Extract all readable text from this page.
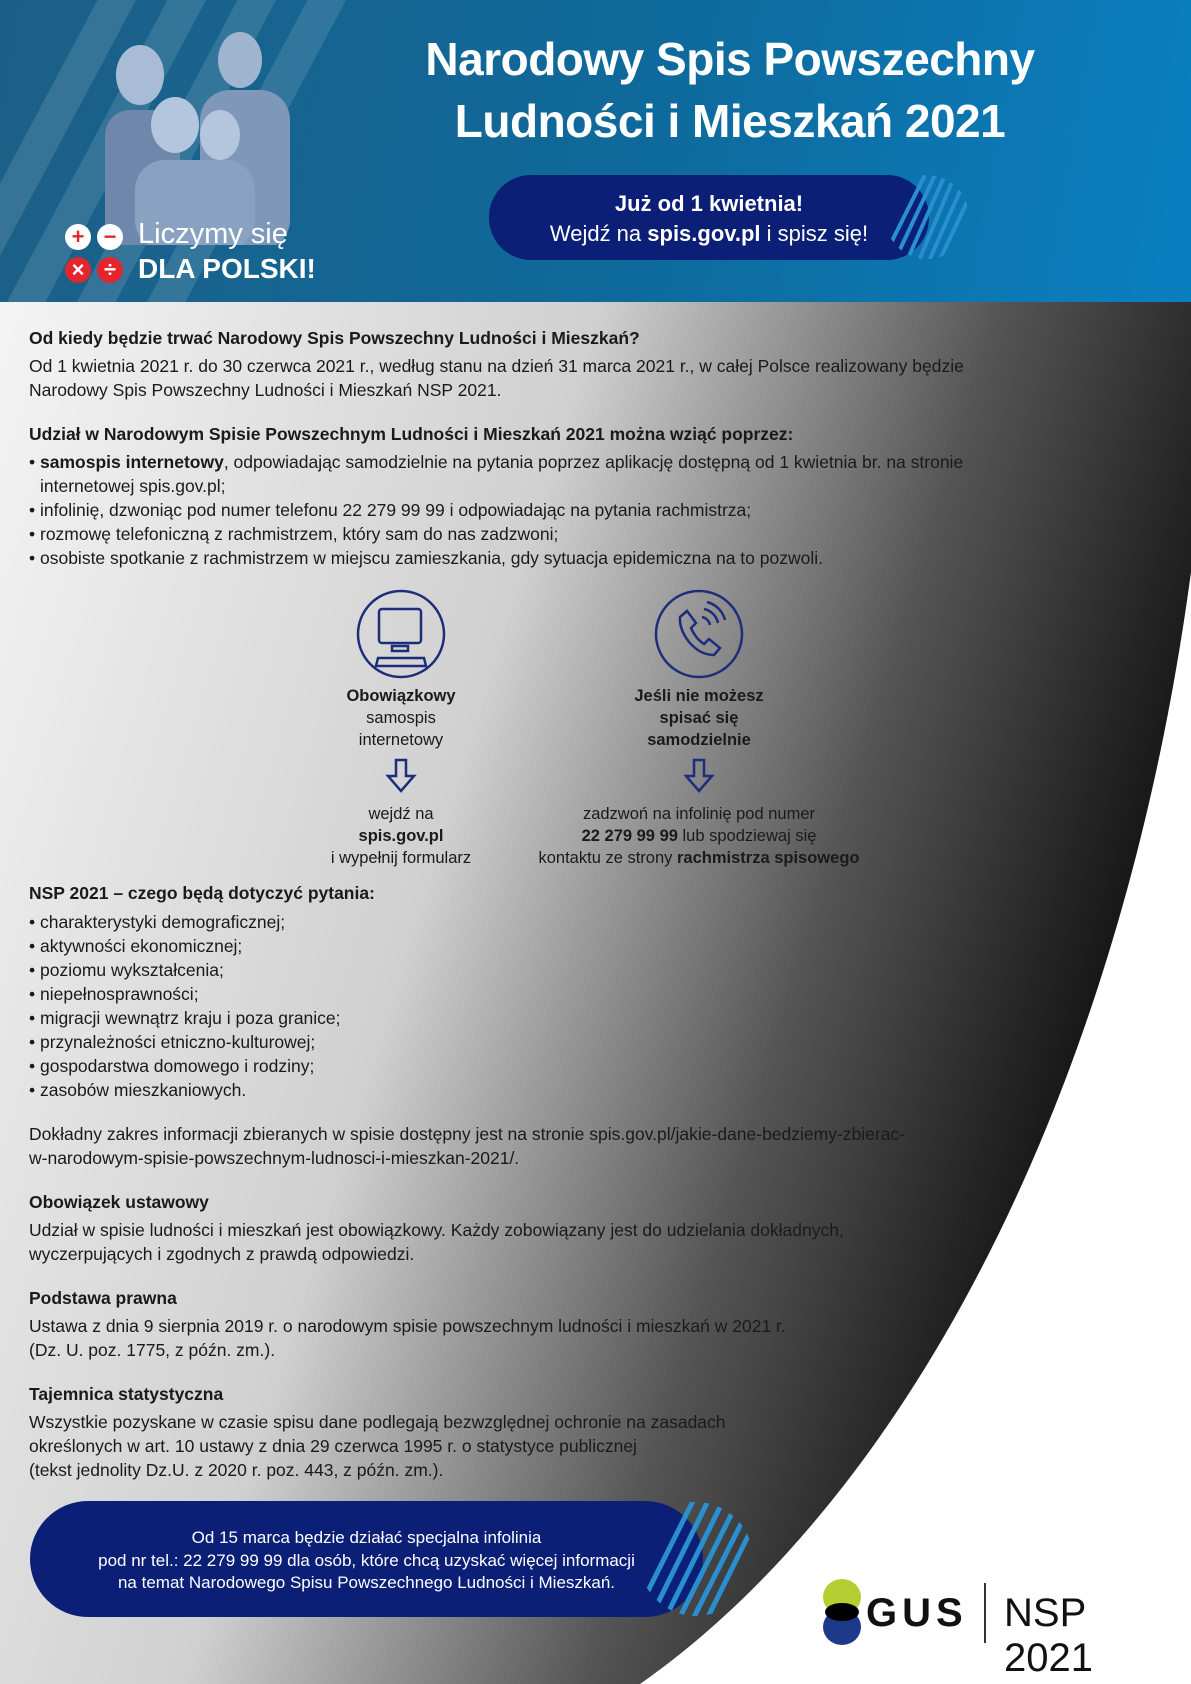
Narodowy Spis Powszechny
Ludności i Mieszkań 2021
Już od 1 kwietnia!
Wejdź na spis.gov.pl i spisz się!
+ −
× ÷
Liczymy się
DLA POLSKI!
Od kiedy będzie trwać Narodowy Spis Powszechny Ludności i Mieszkań?
Od 1 kwietnia 2021 r. do 30 czerwca 2021 r., według stanu na dzień 31 marca 2021 r., w całej Polsce realizowany będzie
Narodowy Spis Powszechny Ludności i Mieszkań NSP 2021.
Udział w Narodowym Spisie Powszechnym Ludności i Mieszkań 2021 można wziąć poprzez:
• samospis internetowy, odpowiadając samodzielnie na pytania poprzez aplikację dostępną od 1 kwietnia br. na stronie
internetowej spis.gov.pl;
• infolinię, dzwoniąc pod numer telefonu 22 279 99 99 i odpowiadając na pytania rachmistrza;
• rozmowę telefoniczną z rachmistrzem, który sam do nas zadzwoni;
• osobiste spotkanie z rachmistrzem w miejscu zamieszkania, gdy sytuacja epidemiczna na to pozwoli.
Obowiązkowy
samospis
internetowy
wejdź na
spis.gov.pl
i wypełnij formularz
Jeśli nie możesz
spisać się
samodzielnie
zadzwoń na infolinię pod numer
22 279 99 99 lub spodziewaj się
kontaktu ze strony rachmistrza spisowego
NSP 2021 – czego będą dotyczyć pytania:
• charakterystyki demograficznej;
• aktywności ekonomicznej;
• poziomu wykształcenia;
• niepełnosprawności;
• migracji wewnątrz kraju i poza granice;
• przynależności etniczno-kulturowej;
• gospodarstwa domowego i rodziny;
• zasobów mieszkaniowych.
Dokładny zakres informacji zbieranych w spisie dostępny jest na stronie spis.gov.pl/jakie-dane-bedziemy-zbierac-
w-narodowym-spisie-powszechnym-ludnosci-i-mieszkan-2021/.
Obowiązek ustawowy
Udział w spisie ludności i mieszkań jest obowiązkowy. Każdy zobowiązany jest do udzielania dokładnych,
wyczerpujących i zgodnych z prawdą odpowiedzi.
Podstawa prawna
Ustawa z dnia 9 sierpnia 2019 r. o narodowym spisie powszechnym ludności i mieszkań w 2021 r.
(Dz. U. poz. 1775, z późn. zm.).
Tajemnica statystyczna
Wszystkie pozyskane w czasie spisu dane podlegają bezwzględnej ochronie na zasadach
określonych w art. 10 ustawy z dnia 29 czerwca 1995 r. o statystyce publicznej
(tekst jednolity Dz.U. z 2020 r. poz. 443, z późn. zm.).
Od 15 marca będzie działać specjalna infolinia
pod nr tel.: 22 279 99 99 dla osób, które chcą uzyskać więcej informacji
na temat Narodowego Spisu Powszechnego Ludności i Mieszkań.
GUS NSP 2021
